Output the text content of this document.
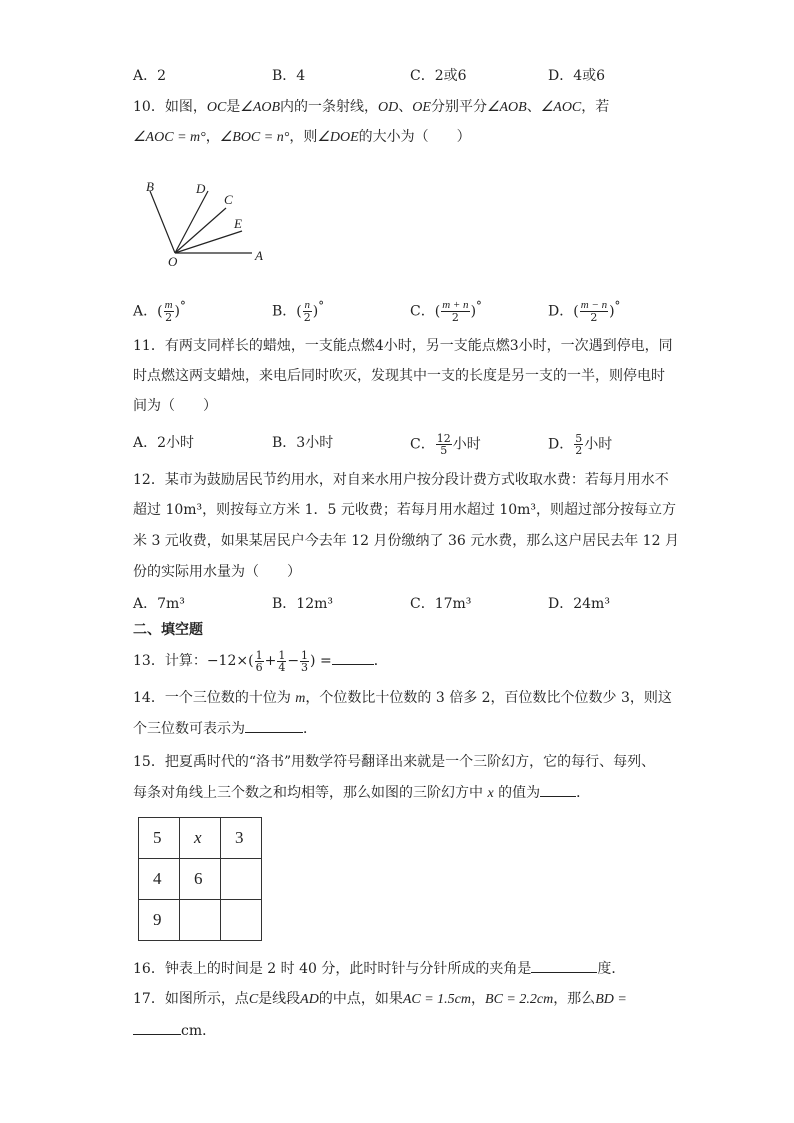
A．2	B．4	C．2或6	D．4或6
10．如图，OC是∠AOB内的一条射线，OD、OE分别平分∠AOB、∠AOC，若
∠AOC = m°，∠BOC = n°，则∠DOE的大小为（　　）
B	D
C
E
O	A
A．( $\frac{m}{2} )^\circ$	B．( $\frac{n}{2} )^\circ$	C．( $\frac{m + n}{2} )^\circ$	D．( $\frac{m - n}{2} )^\circ$
11．有两支同样长的蜡烛，一支能点燃4小时，另一支能点燃3小时，一次遇到停电，同
时点燃这两支蜡烛，来电后同时吹灭，发现其中一支的长度是另一支的一半，则停电时
间为（　　）
A．2小时	B．3小时	C． $\frac{12}{5}$ 小时	D． $\frac{5}{2}$ 小时
12．某市为鼓励居民节约用水，对自来水用户按分段计费方式收取水费：若每月用水不
超过 10m³，则按每立方米 1．5 元收费；若每月用水超过 10m³，则超过部分按每立方
米 3 元收费，如果某居民户今去年 12 月份缴纳了 36 元水费，那么这户居民去年 12 月
份的实际用水量为（　　）
A．7m³	B．12m³	C．17m³	D．24m³
二、填空题
13．计算：$-12\times( \frac{1}{6} + \frac{1}{4} - \frac{1}{3}$ ) =	．
14．一个三位数的十位为 m，个位数比十位数的 3 倍多 2，百位数比个位数少 3，则这
个三位数可表示为	．
15．把夏禹时代的“洛书”用数学符号翻译出来就是一个三阶幻方，它的每行、每列、
每条对角线上三个数之和均相等，那么如图的三阶幻方中 x 的值为	．
5	x	3
4	6	
9		
16．钟表上的时间是 2 时 40 分，此时时针与分针所成的夹角是	度．
17．如图所示，点C是线段AD的中点，如果AC = 1.5cm，BC = 2.2cm，那么BD =
cm．
